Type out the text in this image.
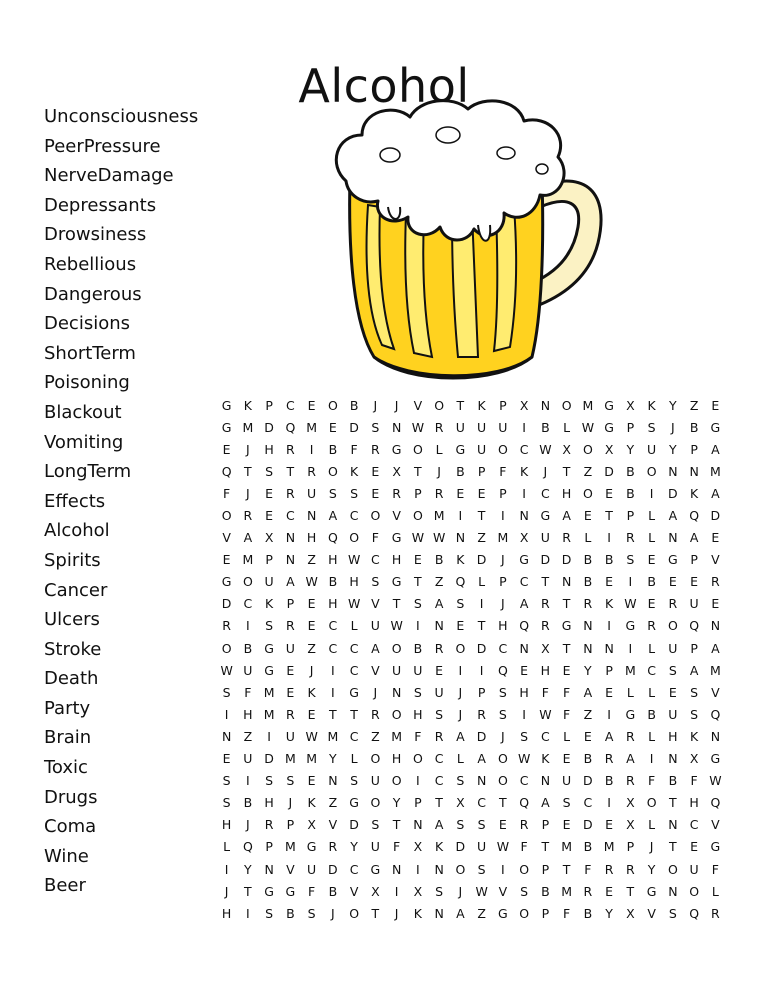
Alcohol
Unconsciousness
PeerPressure
NerveDamage
Depressants
Drowsiness
Rebellious
Dangerous
Decisions
ShortTerm
Poisoning
Blackout
Vomiting
LongTerm
Effects
Alcohol
Spirits
Cancer
Ulcers
Stroke
Death
Party
Brain
Toxic
Drugs
Coma
Wine
Beer
G	K	P	C	E	O	B	J	J	V	O	T	K	P	X	N	O	M	G	X	K	Y	Z	E
G	M	D	Q	M	E	D	S	N	W	R	U	U	U	I	B	L	W	G	P	S	J	B	G
E	J	H	R	I	B	F	R	G	O	L	G	U	O	C	W	X	O	X	Y	U	Y	P	A
Q	T	S	T	R	O	K	E	X	T	J	B	P	F	K	J	T	Z	D	B	O	N	N	M
F	J	E	R	U	S	S	E	R	P	R	E	E	P	I	C	H	O	E	B	I	D	K	A
O	R	E	C	N	A	C	O	V	O	M	I	T	I	N	G	A	E	T	P	L	A	Q	D
V	A	X	N	H	Q	O	F	G	W	W	N	Z	M	X	U	R	L	I	R	L	N	A	E
E	M	P	N	Z	H	W	C	H	E	B	K	D	J	G	D	D	B	B	S	E	G	P	V
G	O	U	A	W	B	H	S	G	T	Z	Q	L	P	C	T	N	B	E	I	B	E	E	R
D	C	K	P	E	H	W	V	T	S	A	S	I	J	A	R	T	R	K	W	E	R	U	E
R	I	S	R	E	C	L	U	W	I	N	E	T	H	Q	R	G	N	I	G	R	O	Q	N
O	B	G	U	Z	C	C	A	O	B	R	O	D	C	N	X	T	N	N	I	L	U	P	A
W	U	G	E	J	I	C	V	U	U	E	I	I	Q	E	H	E	Y	P	M	C	S	A	M
S	F	M	E	K	I	G	J	N	S	U	J	P	S	H	F	F	A	E	L	L	E	S	V
I	H	M	R	E	T	T	R	O	H	S	J	R	S	I	W	F	Z	I	G	B	U	S	Q
N	Z	I	U	W	M	C	Z	M	F	R	A	D	J	S	C	L	E	A	R	L	H	K	N
E	U	D	M	M	Y	L	O	H	O	C	L	A	O	W	K	E	B	R	A	I	N	X	G
S	I	S	S	E	N	S	U	O	I	C	S	N	O	C	N	U	D	B	R	F	B	F	W
S	B	H	J	K	Z	G	O	Y	P	T	X	C	T	Q	A	S	C	I	X	O	T	H	Q
H	J	R	P	X	V	D	S	T	N	A	S	S	E	R	P	E	D	E	X	L	N	C	V
L	Q	P	M	G	R	Y	U	F	X	K	D	U	W	F	T	M	B	M	P	J	T	E	G
I	Y	N	V	U	D	C	G	N	I	N	O	S	I	O	P	T	F	R	R	Y	O	U	F
J	T	G	G	F	B	V	X	I	X	S	J	W	V	S	B	M	R	E	T	G	N	O	L
H	I	S	B	S	J	O	T	J	K	N	A	Z	G	O	P	F	B	Y	X	V	S	Q	R
